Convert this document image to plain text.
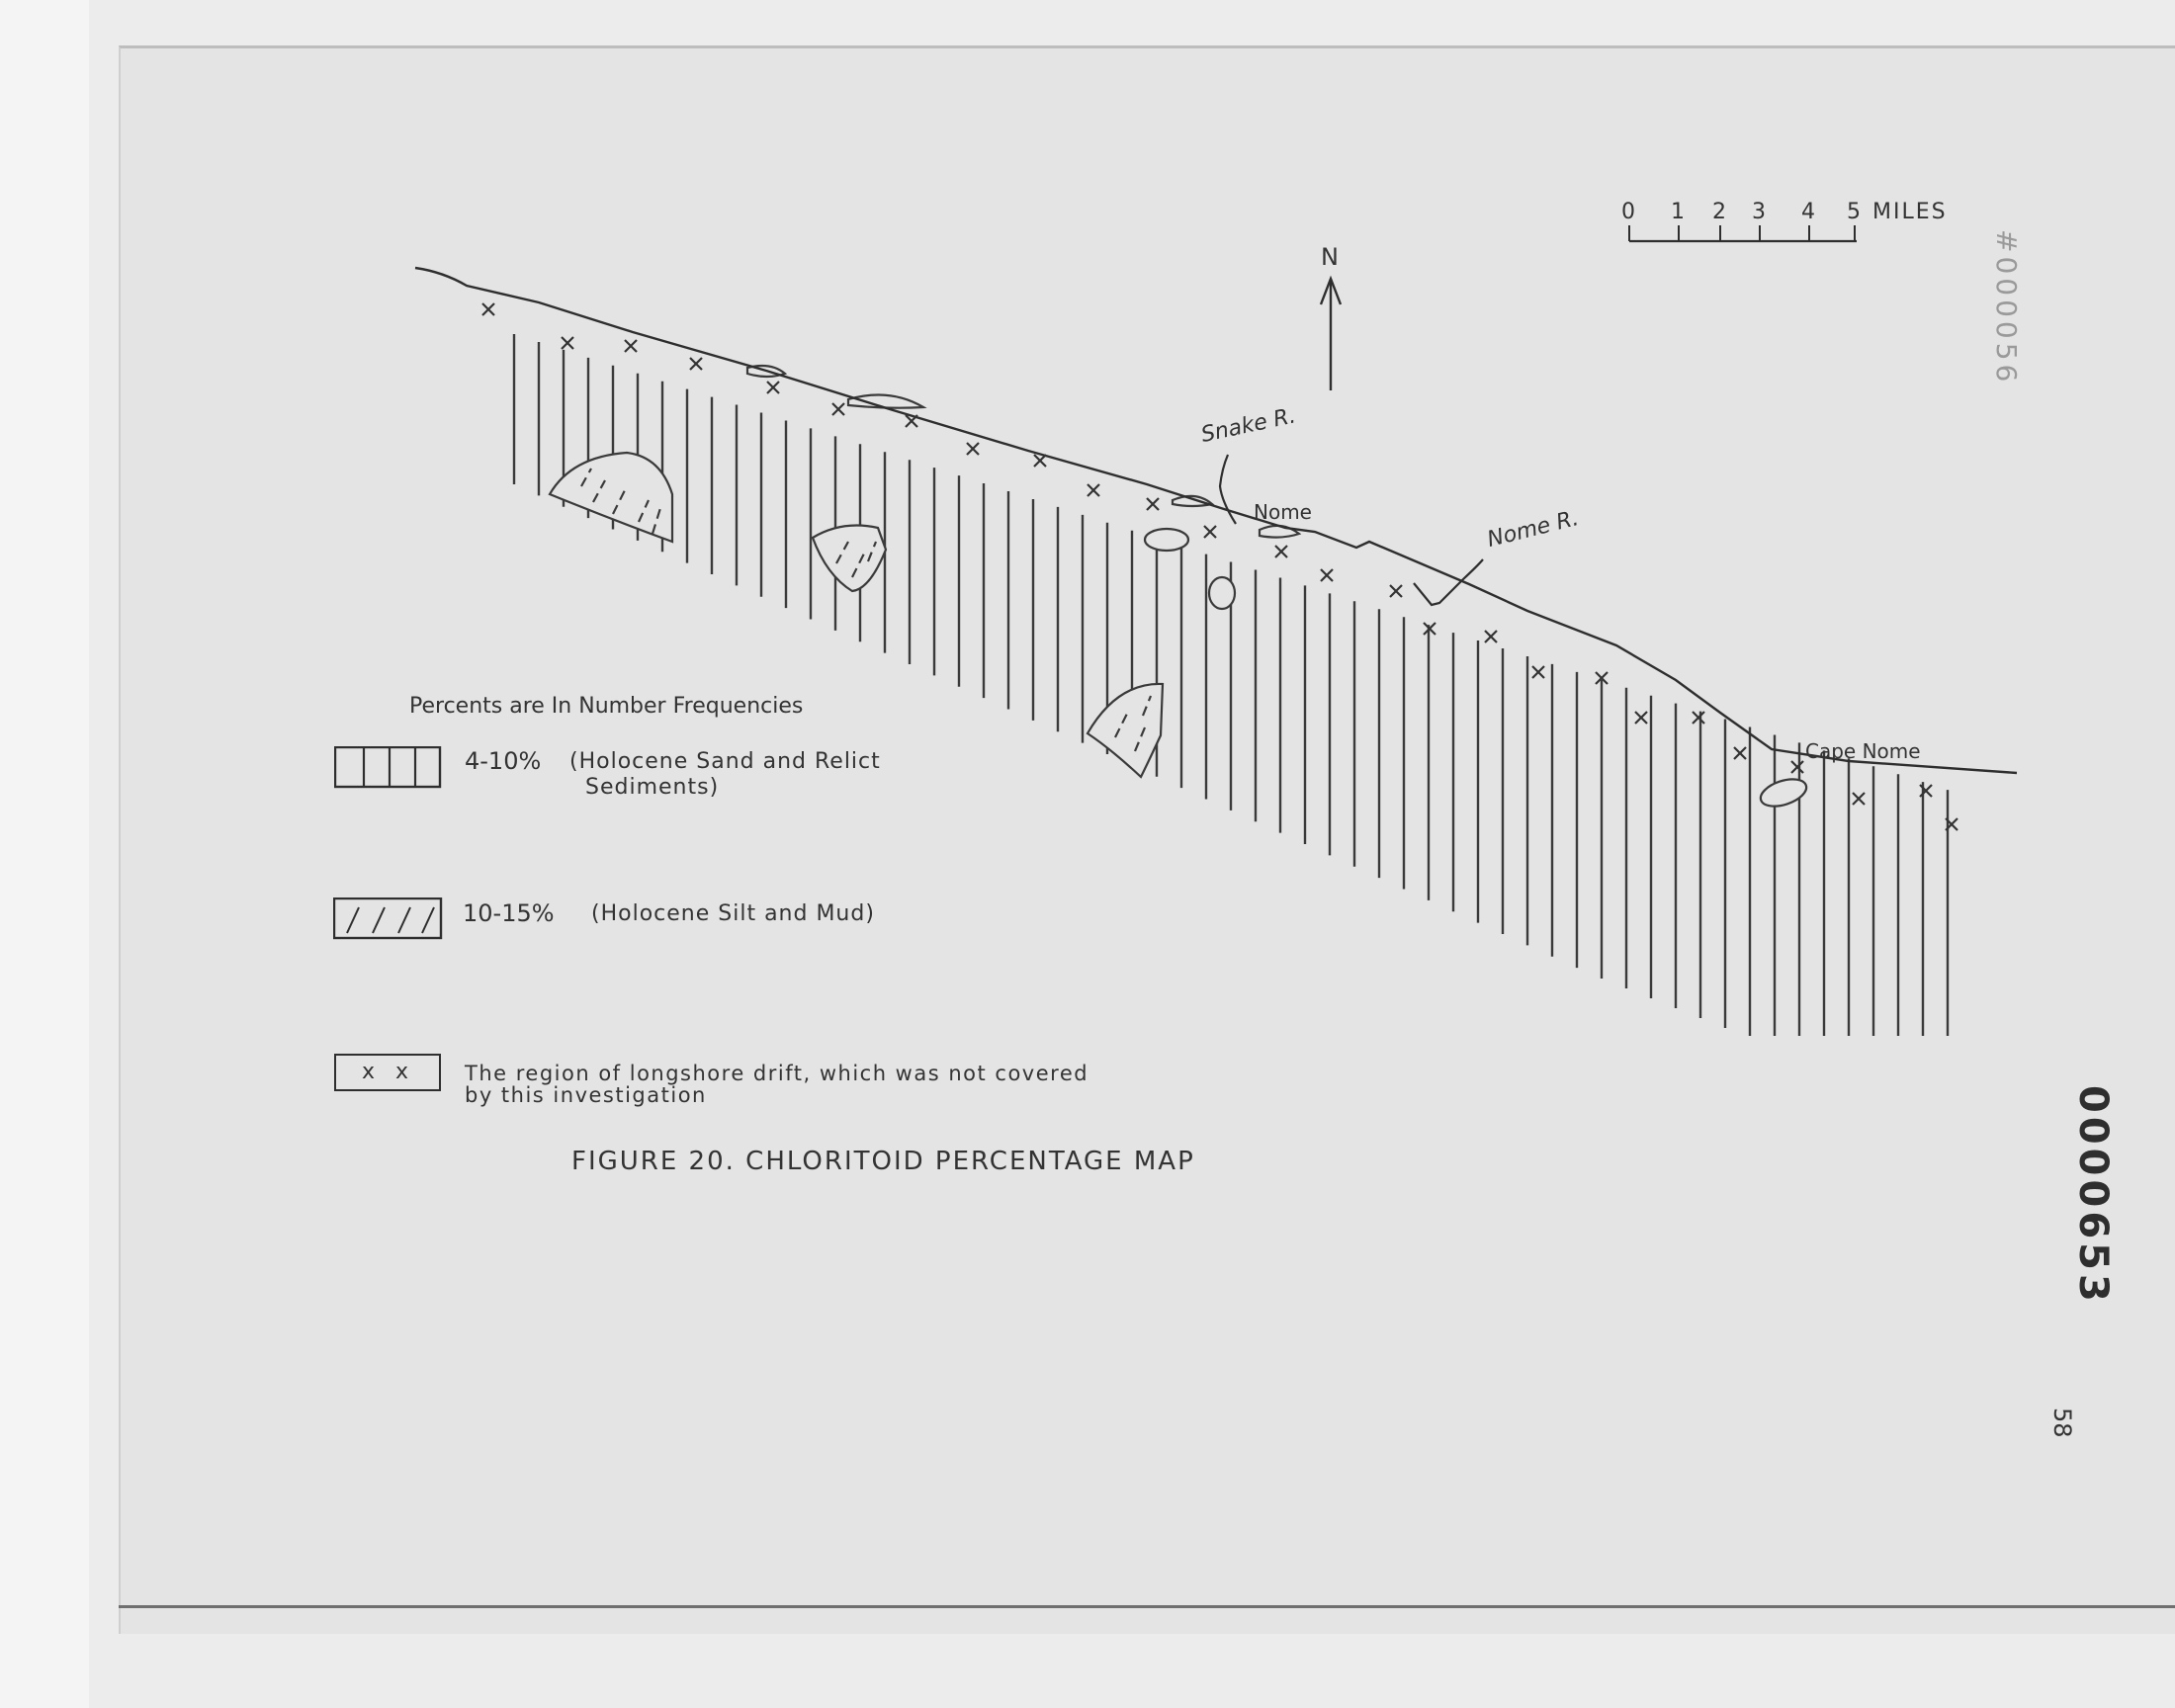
N
0 1 2 3 4 5 MILES
Snake R.
Nome	Nome R.
Cape Nome
Percents are In Number Frequencies
4-10% (Holocene Sand and Relict
Sediments)
10-15% (Holocene Silt and Mud)
x   x	The region of longshore drift, which was not covered
by this investigation
FIGURE 20. CHLORITOID PERCENTAGE MAP
#000056
0000653
58
